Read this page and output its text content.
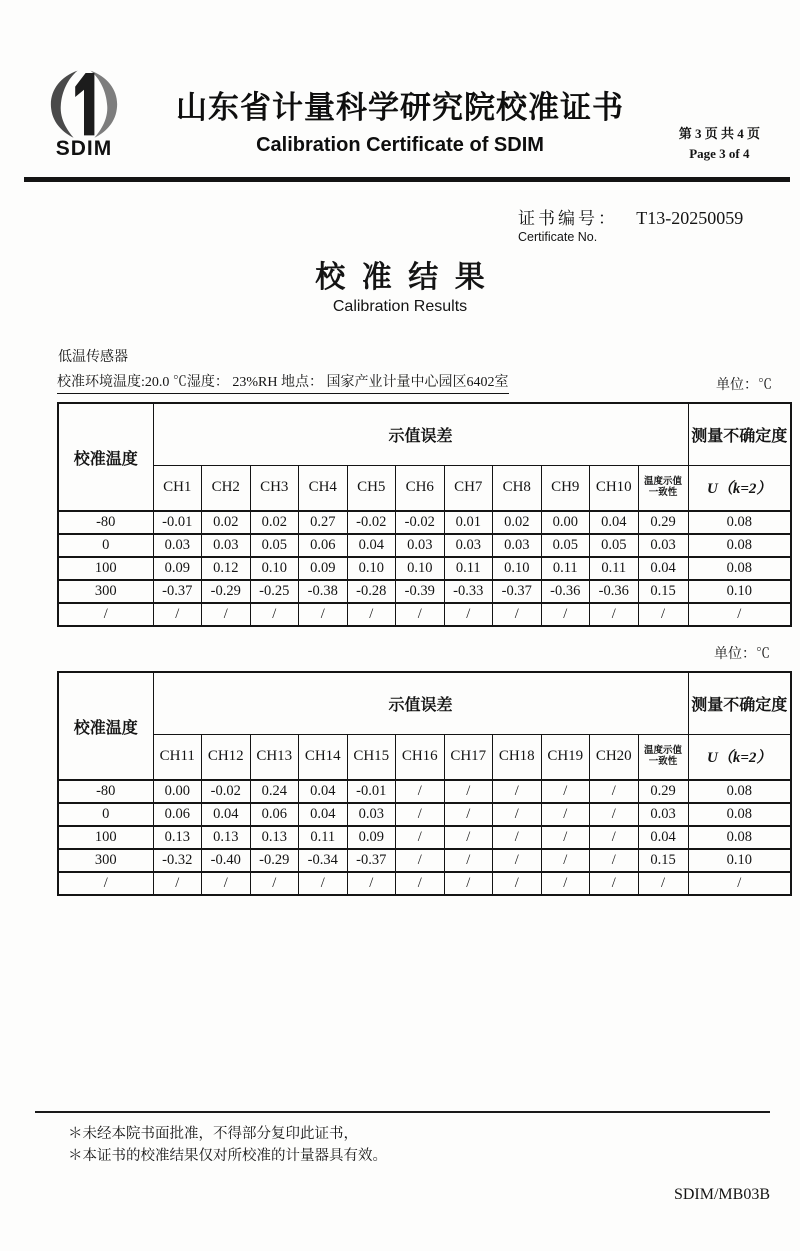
SDIM
山东省计量科学研究院校准证书
Calibration Certificate of SDIM
第 3 页 共 4 页
Page 3 of 4
证书编号： T13-20250059
Certificate No.
校准结果
Calibration Results
低温传感器
校准环境温度:20.0 ℃湿度： 23%RH 地点： 国家产业计量中心园区6402室	单位：℃
校准温度	示值误差											测量不确定度
	CH1	CH2	CH3	CH4	CH5	CH6	CH7	CH8	CH9	CH10	温度示值一致性	U（k=2）
-80	-0.01	0.02	0.02	0.27	-0.02	-0.02	0.01	0.02	0.00	0.04	0.29	0.08
0	0.03	0.03	0.05	0.06	0.04	0.03	0.03	0.03	0.05	0.05	0.03	0.08
100	0.09	0.12	0.10	0.09	0.10	0.10	0.11	0.10	0.11	0.11	0.04	0.08
300	-0.37	-0.29	-0.25	-0.38	-0.28	-0.39	-0.33	-0.37	-0.36	-0.36	0.15	0.10
/	/	/	/	/	/	/	/	/	/	/	/	/
单位：℃
校准温度	示值误差											测量不确定度
	CH11	CH12	CH13	CH14	CH15	CH16	CH17	CH18	CH19	CH20	温度示值一致性	U（k=2）
-80	0.00	-0.02	0.24	0.04	-0.01	/	/	/	/	/	0.29	0.08
0	0.06	0.04	0.06	0.04	0.03	/	/	/	/	/	0.03	0.08
100	0.13	0.13	0.13	0.11	0.09	/	/	/	/	/	0.04	0.08
300	-0.32	-0.40	-0.29	-0.34	-0.37	/	/	/	/	/	0.15	0.10
/	/	/	/	/	/	/	/	/	/	/	/	/
＊未经本院书面批准，不得部分复印此证书，
＊本证书的校准结果仅对所校准的计量器具有效。
SDIM/MB03B
